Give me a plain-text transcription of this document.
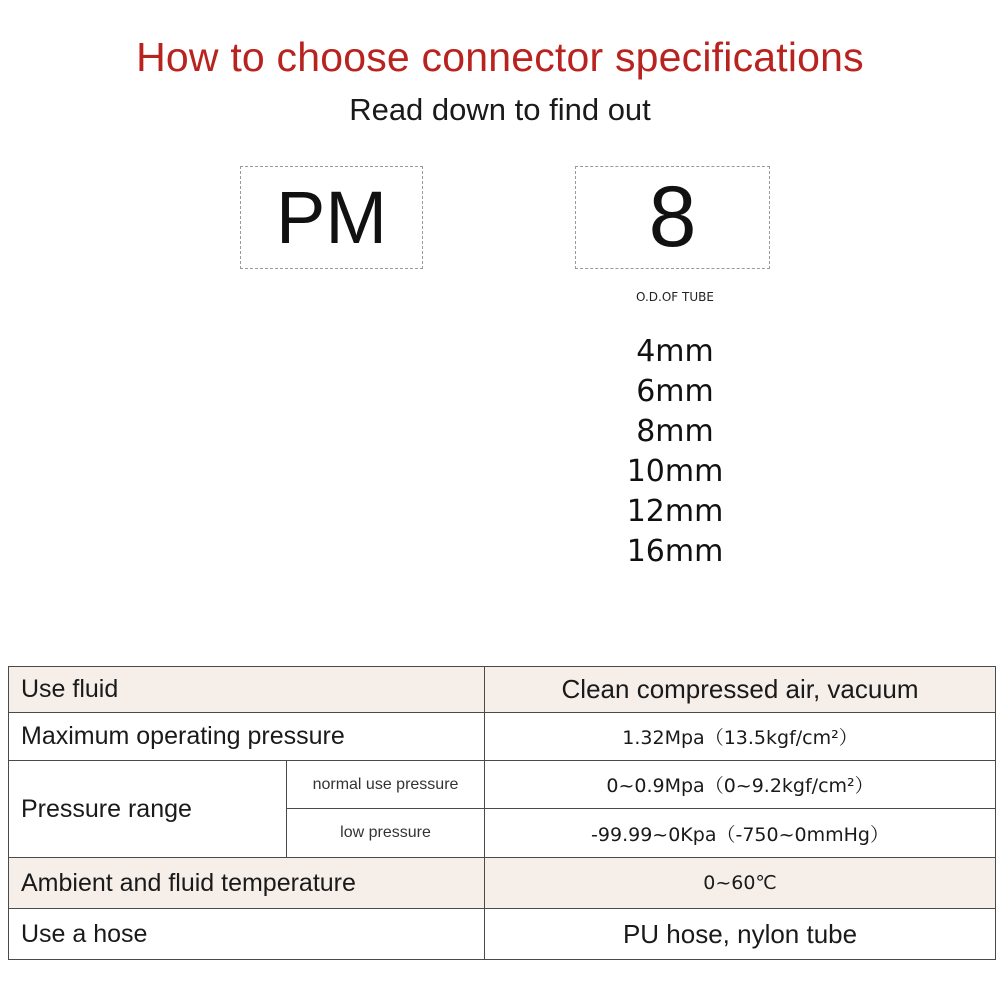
How to choose connector specifications
Read down to find out
PM	8
O.D.OF TUBE
4mm
6mm
8mm
10mm
12mm
16mm
Use fluid		Clean compressed air, vacuum
Maximum operating pressure		1.32Mpa（13.5kgf/cm²）
Pressure range	normal use pressure	0~0.9Mpa（0~9.2kgf/cm²）
	low pressure	-99.99~0Kpa（-750~0mmHg）
Ambient and fluid temperature		0~60℃
Use a hose		PU hose, nylon tube
